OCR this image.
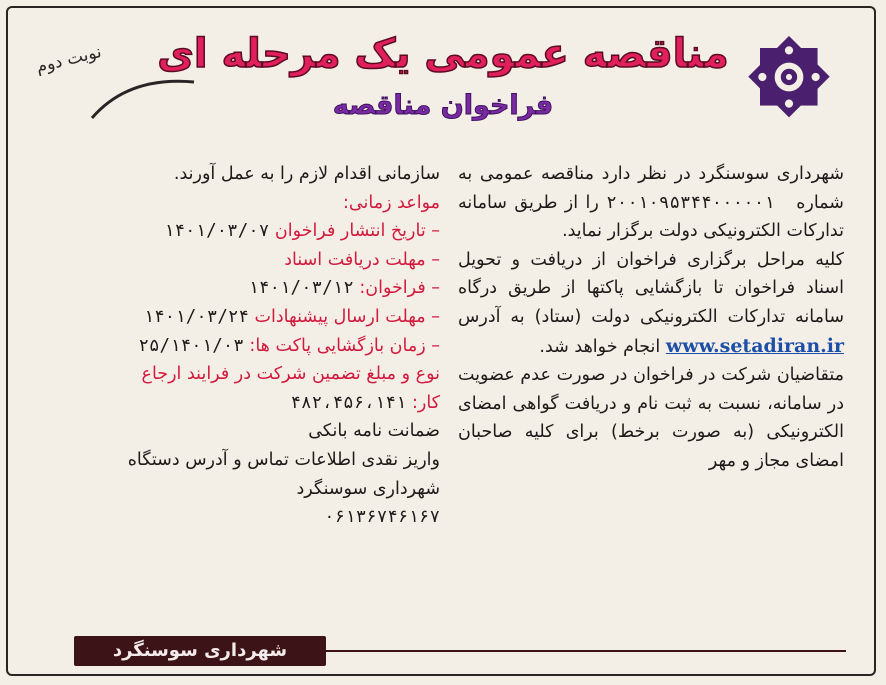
مناقصه عمومی یک مرحله ای
فراخوان مناقصه
نوبت دوم

شهرداری سوسنگرد در نظر دارد مناقصه عمومی به شماره ۲۰۰۱۰۹۵۳۴۴۰۰۰۰۰۱ را از طریق سامانه تدارکات الکترونیکی دولت برگزار نماید.

کلیه مراحل برگزاری فراخوان از دریافت و تحویل اسناد فراخوان تا بازگشایی پاکتها از طریق درگاه سامانه تدارکات الکترونیکی دولت (ستاد) به آدرس www.setadiran.ir انجام خواهد شد.

متقاضیان شرکت در فراخوان در صورت عدم عضویت در سامانه، نسبت به ثبت نام و دریافت گواهی امضای الکترونیکی (به صورت برخط) برای کلیه صاحبان امضای مجاز و مهر

سازمانی اقدام لازم را به عمل آورند.
مواعد زمانی:
– تاریخ انتشار فراخوان ۱۴۰۱/۰۳/۰۷
– مهلت دریافت اسناد
– فراخوان: ۱۴۰۱/۰۳/۱۲
– مهلت ارسال پیشنهادات ۱۴۰۱/۰۳/۲۴
– زمان بازگشایی پاکت ها: ۲۵/۱۴۰۱/۰۳
نوع و مبلغ تضمین شرکت در فرایند ارجاع
کار: ۴۸۲،۴۵۶،۱۴۱
ضمانت نامه بانکی
واریز نقدی اطلاعات تماس و آدرس دستگاه
شهرداری سوسنگرد
۰۶۱۳۶۷۴۶۱۶۷
شهرداری سوسنگرد
